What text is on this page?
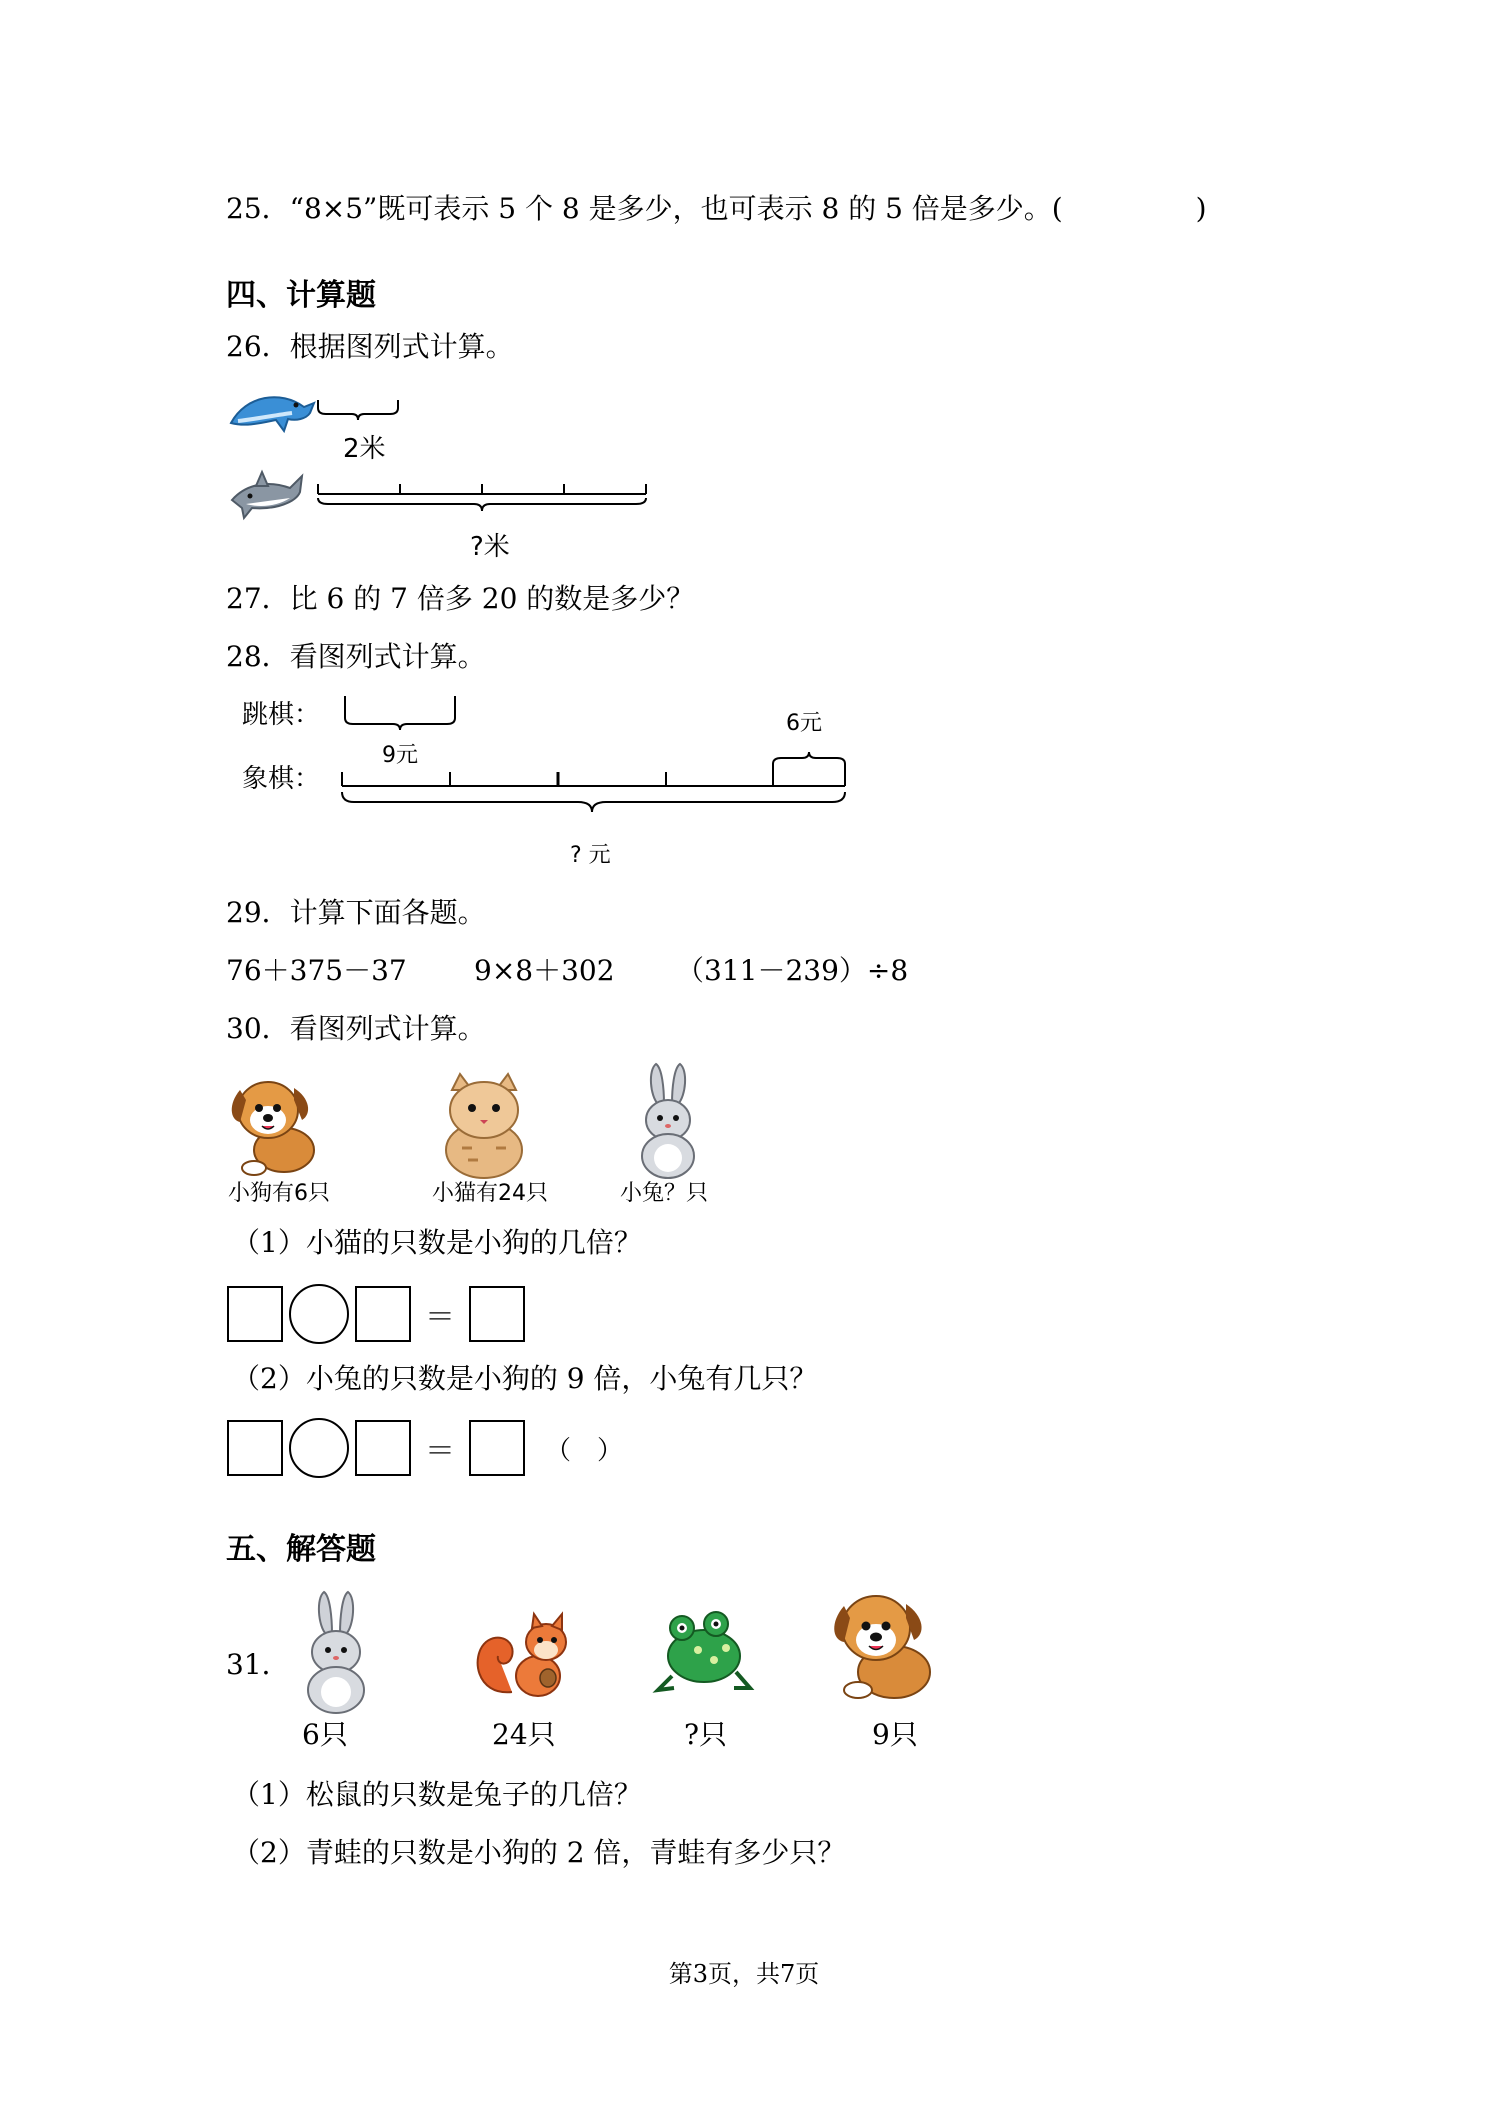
25．“8×5”既可表示 5 个 8 是多少，也可表示 8 的 5 倍是多少。(	)
四、计算题
26．根据图列式计算。
2米
?米
27．比 6 的 7 倍多 20 的数是多少？
28．看图列式计算。
跳棋：
象棋：
9元
6元
? 元
29．计算下面各题。
76＋375－37 9×8＋302 （311－239）÷8
30．看图列式计算。
小狗有6只	小猫有24只	小兔？只
（1）小猫的只数是小狗的几倍？
＝
（2）小兔的只数是小狗的 9 倍，小兔有几只？
＝	（　）
五、解答题
31．
6只	24只	?只	9只
（1）松鼠的只数是兔子的几倍？
（2）青蛙的只数是小狗的 2 倍，青蛙有多少只？
第3页，共7页
